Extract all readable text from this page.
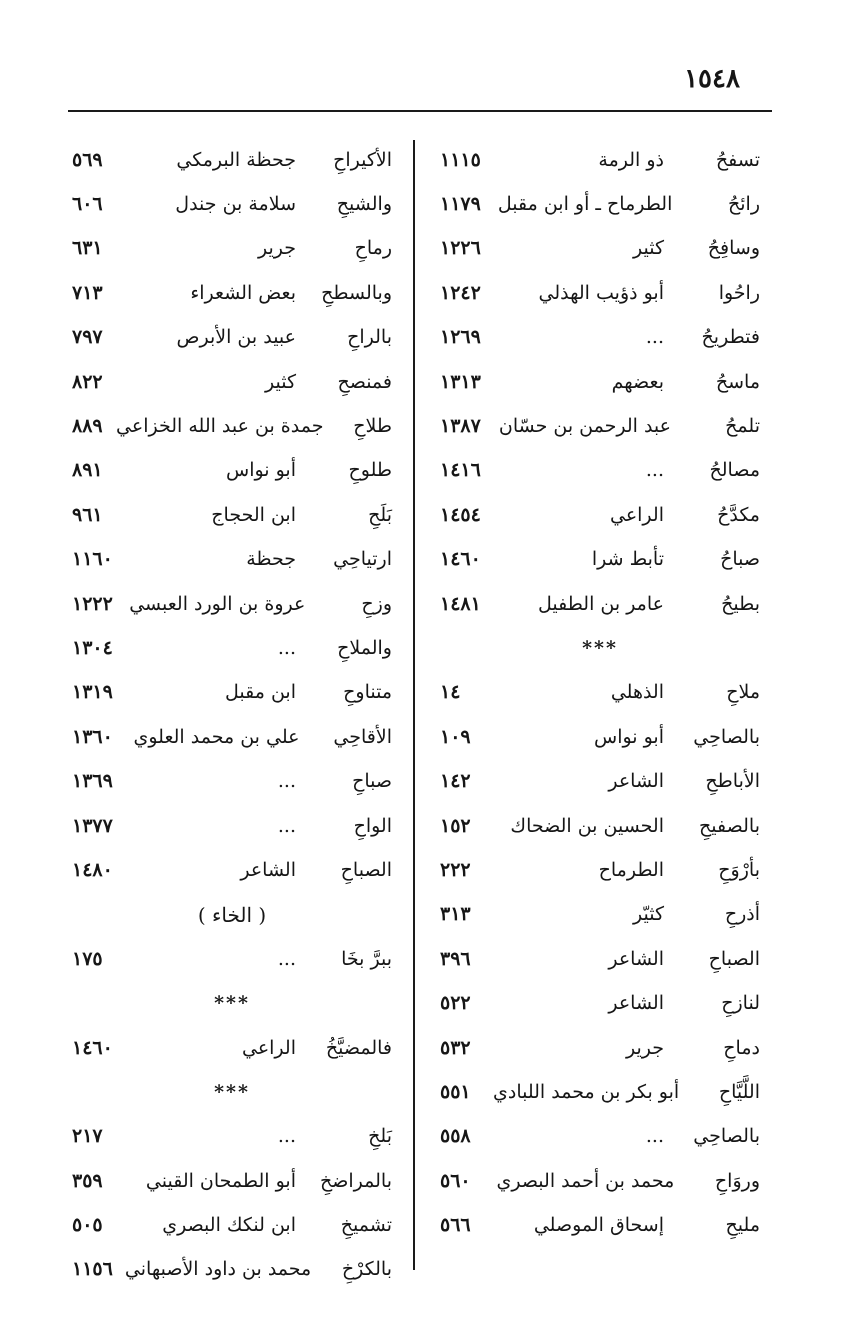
١٥٤٨
تسفحُ
ذو الرمة
١١١٥
رائحُ
الطرماح ـ أو ابن مقبل
١١٧٩
وسافِحُ
كثير
١٢٢٦
راحُوا
أبو ذؤيب الهذلي
١٢٤٢
فتطريحُ
...
١٢٦٩
ماسحُ
بعضهم
١٣١٣
تلمحُ
عبد الرحمن بن حسّان
١٣٨٧
مصالحُ
...
١٤١٦
مكدَّحُ
الراعي
١٤٥٤
صباحُ
تأبط شرا
١٤٦٠
بطيحُ
عامر بن الطفيل
١٤٨١
***
ملاحِ
الذهلي
١٤
بالصاحِي
أبو نواس
١٠٩
الأباطحِ
الشاعر
١٤٢
بالصفيحِ
الحسين بن الضحاك
١٥٢
بأرْوَحِ
الطرماح
٢٢٢
أذرحِ
كثيّر
٣١٣
الصباحِ
الشاعر
٣٩٦
لنازحِ
الشاعر
٥٢٢
دماحِ
جرير
٥٣٢
اللَّيَّاحِ
أبو بكر بن محمد اللبادي
٥٥١
بالصاحِي
...
٥٥٨
وروَاحِ
محمد بن أحمد البصري
٥٦٠
مليحِ
إسحاق الموصلي
٥٦٦
الأكيراحِ
جحظة البرمكي
٥٦٩
والشيحِ
سلامة بن جندل
٦٠٦
رماحِ
جرير
٦٣١
وبالسطحِ
بعض الشعراء
٧١٣
بالراحِ
عبيد بن الأبرص
٧٩٧
فمنصحِ
كثير
٨٢٢
طلاحِ
جمدة بن عبد الله الخزاعي
٨٨٩
طلوحِ
أبو نواس
٨٩١
بَلَحِ
ابن الحجاج
٩٦١
ارتياحِي
جحظة
١١٦٠
وزحِ
عروة بن الورد العبسي
١٢٢٢
والملاحِ
...
١٣٠٤
متناوحِ
ابن مقبل
١٣١٩
الأقاحِي
علي بن محمد العلوي
١٣٦٠
صباحِ
...
١٣٦٩
الواحِ
...
١٣٧٧
الصباحِ
الشاعر
١٤٨٠
( الخاء )
ببرَّ بخَا
...
١٧٥
***
فالمضيَّخُ
الراعي
١٤٦٠
***
بَلخِ
...
٢١٧
بالمراضخِ
أبو الطمحان القيني
٣٥٩
تشميخِ
ابن لنكك البصري
٥٠٥
بالكرْخِ
محمد بن داود الأصبهاني
١١٥٦
